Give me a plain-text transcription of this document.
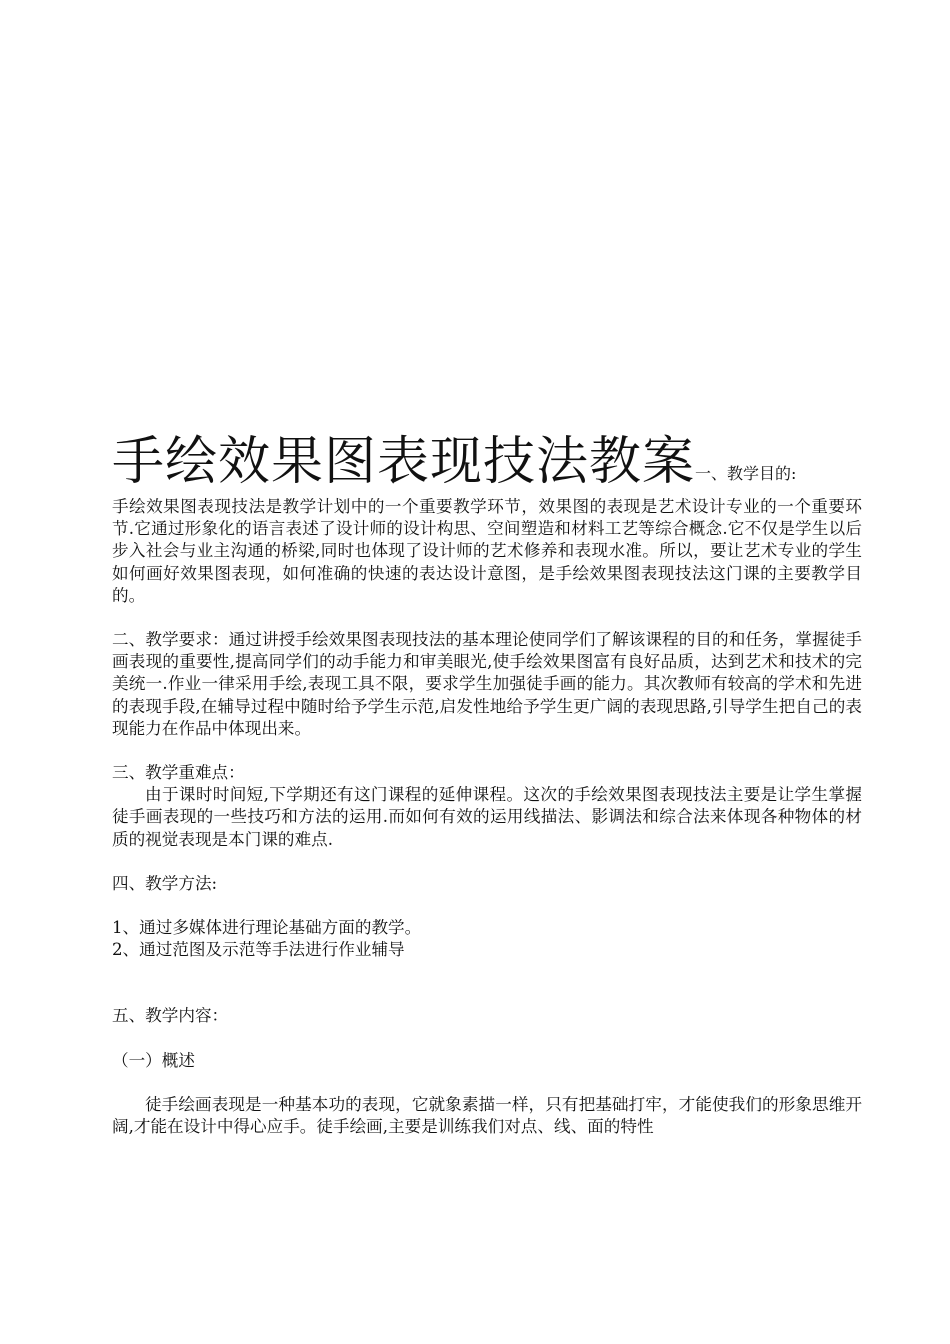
手绘效果图表现技法教案一、教学目的:

手绘效果图表现技法是教学计划中的一个重要教学环节，效果图的表现是艺术设计专业的一个重要环节.它通过形象化的语言表述了设计师的设计构思、空间塑造和材料工艺等综合概念.它不仅是学生以后步入社会与业主沟通的桥梁,同时也体现了设计师的艺术修养和表现水准。所以，要让艺术专业的学生如何画好效果图表现，如何准确的快速的表达设计意图，是手绘效果图表现技法这门课的主要教学目的。

二、教学要求：通过讲授手绘效果图表现技法的基本理论使同学们了解该课程的目的和任务，掌握徒手画表现的重要性,提高同学们的动手能力和审美眼光,使手绘效果图富有良好品质，达到艺术和技术的完美统一.作业一律采用手绘,表现工具不限，要求学生加强徒手画的能力。其次教师有较高的学术和先进的表现手段,在辅导过程中随时给予学生示范,启发性地给予学生更广阔的表现思路,引导学生把自己的表现能力在作品中体现出来。

三、教学重难点：

由于课时时间短,下学期还有这门课程的延伸课程。这次的手绘效果图表现技法主要是让学生掌握徒手画表现的一些技巧和方法的运用.而如何有效的运用线描法、影调法和综合法来体现各种物体的材质的视觉表现是本门课的难点.

四、教学方法:

1、通过多媒体进行理论基础方面的教学。

2、通过范图及示范等手法进行作业辅导

五、教学内容：

（一）概述

徒手绘画表现是一种基本功的表现，它就象素描一样，只有把基础打牢，才能使我们的形象思维开阔,才能在设计中得心应手。徒手绘画,主要是训练我们对点、线、面的特性
